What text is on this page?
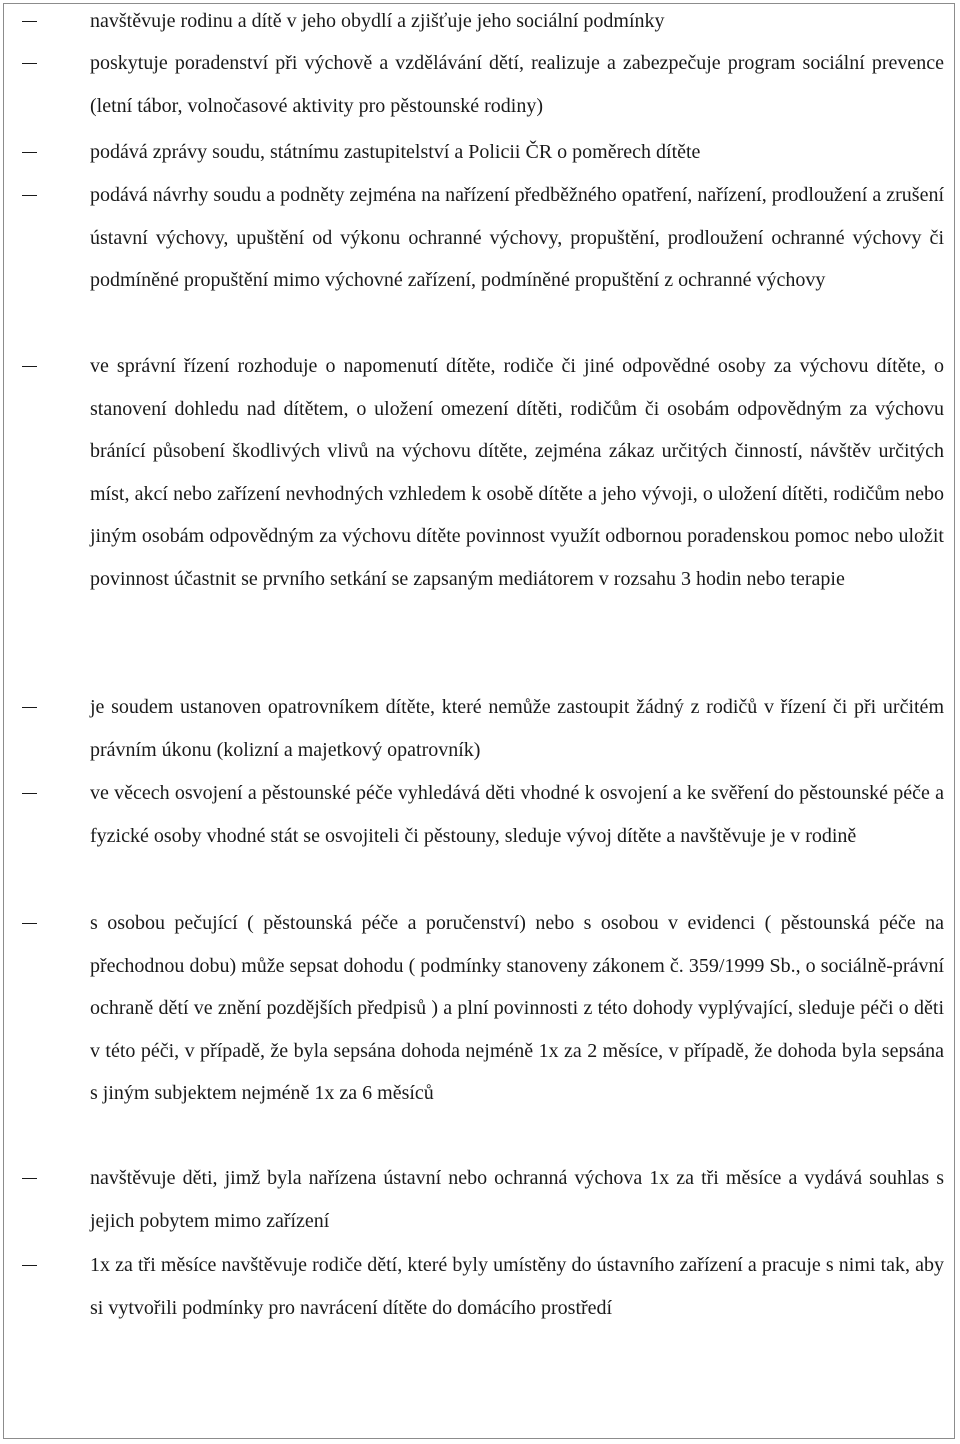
navštěvuje rodinu a dítě v jeho obydlí a zjišťuje jeho sociální podmínky
poskytuje poradenství při výchově a vzdělávání dětí, realizuje a zabezpečuje program sociální prevence (letní tábor, volnočasové aktivity pro pěstounské rodiny)
podává zprávy soudu, státnímu zastupitelství a Policii ČR o poměrech dítěte
podává návrhy soudu a podněty zejména na nařízení předběžného opatření, nařízení, prodloužení a zrušení ústavní výchovy, upuštění od výkonu ochranné výchovy, propuštění, prodloužení ochranné výchovy či podmíněné propuštění mimo výchovné zařízení, podmíněné propuštění z ochranné výchovy
ve správní řízení rozhoduje o napomenutí dítěte, rodiče či jiné odpovědné osoby za výchovu dítěte, o stanovení dohledu nad dítětem, o uložení omezení dítěti, rodičům či osobám odpovědným za výchovu bránící působení škodlivých vlivů na výchovu dítěte, zejména zákaz určitých činností, návštěv určitých míst, akcí nebo zařízení nevhodných vzhledem k osobě dítěte a jeho vývoji, o uložení dítěti, rodičům nebo jiným osobám odpovědným za výchovu dítěte povinnost využít odbornou poradenskou pomoc nebo uložit povinnost účastnit se prvního setkání se zapsaným mediátorem v rozsahu 3 hodin nebo terapie
je soudem ustanoven opatrovníkem dítěte, které nemůže zastoupit žádný z rodičů v řízení či při určitém právním úkonu (kolizní a majetkový opatrovník)
ve věcech osvojení a pěstounské péče vyhledává děti vhodné k osvojení a ke svěření do pěstounské péče a fyzické osoby vhodné stát se osvojiteli či pěstouny, sleduje vývoj dítěte a navštěvuje je v rodině
s osobou pečující ( pěstounská péče a poručenství) nebo s osobou v evidenci ( pěstounská péče na přechodnou dobu) může sepsat dohodu ( podmínky stanoveny zákonem č. 359/1999 Sb., o sociálně-právní ochraně dětí ve znění pozdějších předpisů ) a plní povinnosti z této dohody vyplývající, sleduje péči o děti v této péči, v případě, že byla sepsána dohoda nejméně 1x za 2 měsíce, v případě, že dohoda byla sepsána s jiným subjektem nejméně 1x za 6 měsíců
navštěvuje děti, jimž byla nařízena ústavní nebo ochranná výchova 1x za tři měsíce a vydává souhlas s jejich pobytem mimo zařízení
1x za tři měsíce navštěvuje rodiče dětí, které byly umístěny do ústavního zařízení a pracuje s nimi tak, aby si vytvořili podmínky pro navrácení dítěte do domácího prostředí
